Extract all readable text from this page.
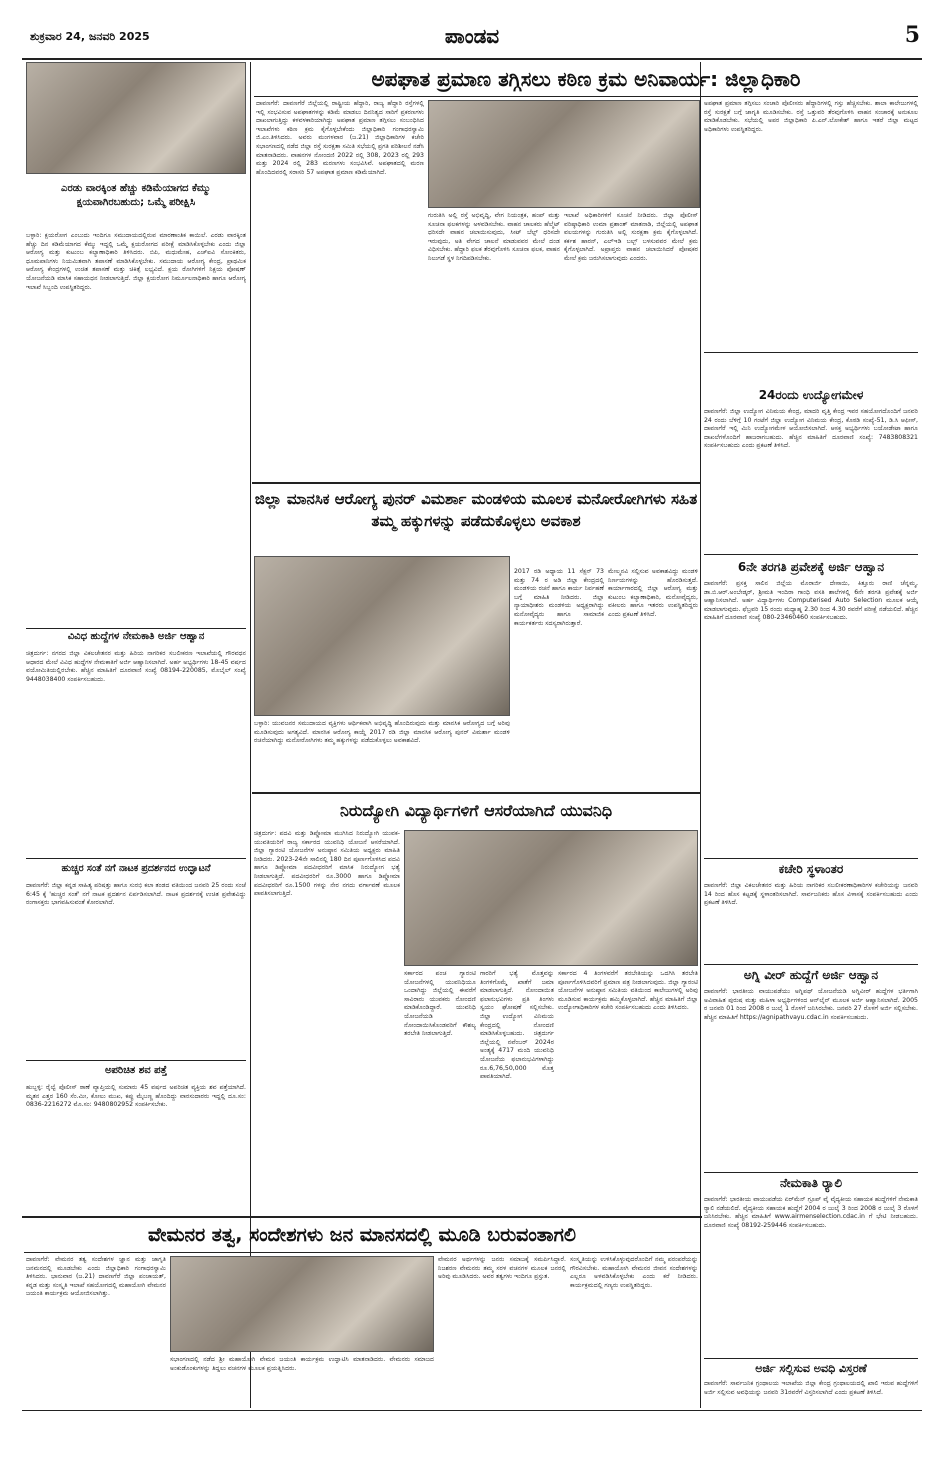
ಶುಕ್ರವಾರ 24, ಜನವರಿ 2025	ಪಾಂಡವ	5
ಎರಡು ವಾರಕ್ಕಿಂತ ಹೆಚ್ಚು ಕಡಿಮೆಯಾಗದ ಕೆಮ್ಮು ಕ್ಷಯವಾಗಿರಬಹುದು; ಒಮ್ಮೆ ಪರೀಕ್ಷಿಸಿ
ಬಳ್ಳಾರಿ: ಕ್ಷಯರೋಗ ಎಂಬುದು ಇಂದಿಗೂ ಸಮುದಾಯದಲ್ಲಿರುವ ಮಾರಣಾಂತಿಕ ಕಾಯಿಲೆ. ಎರಡು ವಾರಕ್ಕಿಂತ ಹೆಚ್ಚು ದಿನ ಕಡಿಮೆಯಾಗದ ಕೆಮ್ಮು ಇದ್ದಲ್ಲಿ ಒಮ್ಮೆ ಕ್ಷಯರೋಗದ ಪರೀಕ್ಷೆ ಮಾಡಿಸಿಕೊಳ್ಳಬೇಕು ಎಂದು ಜಿಲ್ಲಾ ಆರೋಗ್ಯ ಮತ್ತು ಕುಟುಂಬ ಕಲ್ಯಾಣಾಧಿಕಾರಿ ತಿಳಿಸಿದರು. ಬಿಪಿ, ಮಧುಮೇಹ, ಎಚ್‌ಐವಿ ಸೋಂಕಿತರು, ಧೂಮಪಾನಿಗಳು ನಿಯಮಿತವಾಗಿ ತಪಾಸಣೆ ಮಾಡಿಸಿಕೊಳ್ಳಬೇಕು. ಸಮುದಾಯ ಆರೋಗ್ಯ ಕೇಂದ್ರ, ಪ್ರಾಥಮಿಕ ಆರೋಗ್ಯ ಕೇಂದ್ರಗಳಲ್ಲಿ ಉಚಿತ ತಪಾಸಣೆ ಮತ್ತು ಚಿಕಿತ್ಸೆ ಲಭ್ಯವಿದೆ. ಕ್ಷಯ ರೋಗಿಗಳಿಗೆ ನಿಕ್ಷಯ ಪೋಷಣ್ ಯೋಜನೆಯಡಿ ಮಾಸಿಕ ಸಹಾಯಧನ ನೀಡಲಾಗುತ್ತಿದೆ. ಜಿಲ್ಲಾ ಕ್ಷಯರೋಗ ನಿರ್ಮೂಲನಾಧಿಕಾರಿ ಹಾಗೂ ಆರೋಗ್ಯ ಇಲಾಖೆ ಸಿಬ್ಬಂದಿ ಉಪಸ್ಥಿತರಿದ್ದರು.
ವಿವಿಧ ಹುದ್ದೆಗಳ ನೇಮಕಾತಿ ಅರ್ಜಿ ಆಹ್ವಾನ
ಚಿತ್ರದುರ್ಗ: ನಗರದ ಜಿಲ್ಲಾ ವಿಕಲಚೇತನರ ಮತ್ತು ಹಿರಿಯ ನಾಗರಿಕರ ಸಬಲೀಕರಣ ಇಲಾಖೆಯಲ್ಲಿ ಗೌರವಧನ ಆಧಾರದ ಮೇಲೆ ವಿವಿಧ ಹುದ್ದೆಗಳ ನೇಮಕಾತಿಗೆ ಅರ್ಜಿ ಆಹ್ವಾನಿಸಲಾಗಿದೆ. ಅರ್ಹ ಅಭ್ಯರ್ಥಿಗಳು 18-45 ವರ್ಷದ ವಯೋಮಿತಿಯಲ್ಲಿರಬೇಕು. ಹೆಚ್ಚಿನ ಮಾಹಿತಿಗೆ ದೂರವಾಣಿ ಸಂಖ್ಯೆ 08194-220085, ಮೊಬೈಲ್ ಸಂಖ್ಯೆ 9448038400 ಸಂಪರ್ಕಿಸಬಹುದು.
ಹುಚ್ಚರ ಸಂತೆ ನಗೆ ನಾಟಕ ಪ್ರದರ್ಶನದ ಉದ್ಘಾಟನೆ
ದಾವಣಗೆರೆ: ಜಿಲ್ಲಾ ಕನ್ನಡ ಸಾಹಿತ್ಯ ಪರಿಷತ್ತು ಹಾಗೂ ಸುರಭಿ ಕಲಾ ತಂಡದ ವತಿಯಿಂದ ಜನವರಿ 25 ರಂದು ಸಂಜೆ 6:45 ಕ್ಕೆ 'ಹುಚ್ಚರ ಸಂತೆ' ನಗೆ ನಾಟಕ ಪ್ರದರ್ಶನ ಏರ್ಪಡಿಸಲಾಗಿದೆ. ನಾಟಕ ಪ್ರದರ್ಶನಕ್ಕೆ ಉಚಿತ ಪ್ರವೇಶವಿದ್ದು ರಂಗಾಸಕ್ತರು ಭಾಗವಹಿಸುವಂತೆ ಕೋರಲಾಗಿದೆ.
ಅಪರಿಚಿತ ಶವ ಪತ್ತೆ
ಹುಬ್ಬಳ್ಳಿ: ರೈಲ್ವೆ ಪೊಲೀಸ್ ಠಾಣೆ ವ್ಯಾಪ್ತಿಯಲ್ಲಿ ಸುಮಾರು 45 ವರ್ಷದ ಅಪರಿಚಿತ ವ್ಯಕ್ತಿಯ ಶವ ಪತ್ತೆಯಾಗಿದೆ. ಮೃತನ ಎತ್ತರ 160 ಸೆಂ.ಮೀ, ಕೋಲು ಮುಖ, ಕಪ್ಪು ಮೈಬಣ್ಣ ಹೊಂದಿದ್ದು ವಾರಸುದಾರರು ಇದ್ದಲ್ಲಿ ದೂ.ಸಂ: 0836-2216272 ಮೊ.ಸಂ: 9480802952 ಸಂಪರ್ಕಿಸಬೇಕು.
ಅಪಘಾತ ಪ್ರಮಾಣ ತಗ್ಗಿಸಲು ಕಠಿಣ ಕ್ರಮ ಅನಿವಾರ್ಯ: ಜಿಲ್ಲಾಧಿಕಾರಿ
ದಾವಣಗೆರೆ: ದಾವಣಗೆರೆ ಜಿಲ್ಲೆಯಲ್ಲಿ ರಾಷ್ಟ್ರೀಯ ಹೆದ್ದಾರಿ, ರಾಜ್ಯ ಹೆದ್ದಾರಿ ರಸ್ತೆಗಳಲ್ಲಿ ಇಲ್ಲಿ ಸಂಭವಿಸುವ ಅಪಘಾತಗಳನ್ನು ಕಡಿಮೆ ಮಾಡಲು ದಿನನಿತ್ಯದ ಸಾರಿಗೆ ಪ್ರಕರಣಗಳು ದಾಖಲಾಗುತ್ತಿದ್ದು ಕಳವಳಕಾರಿಯಾಗಿದ್ದು ಅಪಘಾತ ಪ್ರಮಾಣ ತಗ್ಗಿಸಲು ಸಂಬಂಧಿಸಿದ ಇಲಾಖೆಗಳು ಕಠಿಣ ಕ್ರಮ ಕೈಗೊಳ್ಳಬೇಕೆಂದು ಜಿಲ್ಲಾಧಿಕಾರಿ ಗಂಗಾಧರಸ್ವಾಮಿ ಜಿ.ಎಂ.ತಿಳಿಸಿದರು. ಅವರು ಮಂಗಳವಾರ (ಜ.21) ಜಿಲ್ಲಾಧಿಕಾರಿಗಳ ಕಚೇರಿ ಸಭಾಂಗಣದಲ್ಲಿ ನಡೆದ ಜಿಲ್ಲಾ ರಸ್ತೆ ಸುರಕ್ಷತಾ ಸಮಿತಿ ಸಭೆಯಲ್ಲಿ ಪ್ರಗತಿ ಪರಿಶೀಲನೆ ನಡೆಸಿ ಮಾತನಾಡಿದರು. ವಾಹನಗಳ ನೋಂದಣಿ 2022 ರಲ್ಲಿ 308, 2023 ರಲ್ಲಿ 293 ಮತ್ತು 2024 ರಲ್ಲಿ 283 ಮರಣಗಳು ಸಂಭವಿಸಿವೆ. ಅಪಘಾತದಲ್ಲಿ ಮರಣ ಹೊಂದಿದವರಲ್ಲಿ ಸರಾಸರಿ 57 ಅಪಘಾತ ಪ್ರಮಾಣ ಕಡಿಮೆಯಾಗಿದೆ.
ಗುರುತಿಸಿ ಅಲ್ಲಿ ರಸ್ತೆ ಅಭಿವೃದ್ಧಿ, ವೇಗ ನಿಯಂತ್ರಕ, ಹಂಪ್ ಮತ್ತು ಸೂಚನಾ ಫಲಕಗಳನ್ನು ಅಳವಡಿಸಬೇಕು. ವಾಹನ ಚಾಲಕರು ಹೆಲ್ಮೆಟ್ ಧರಿಸದೇ ವಾಹನ ಚಲಾಯಿಸುವುದು, ಸೀಟ್ ಬೆಲ್ಟ್ ಧರಿಸದೇ ಇರುವುದು, ಅತಿ ವೇಗದ ಚಾಲನೆ ಮಾಡುವವರ ಮೇಲೆ ದಂಡ ವಿಧಿಸಬೇಕು. ಹೆದ್ದಾರಿ ಫಲಕ ತೆರವುಗೊಳಿಸಿ ಸೂಚನಾ ಫಲಕ, ವಾಹನ ನಿಲುಗಡೆ ಸ್ಥಳ ನಿಗದಿಪಡಿಸಬೇಕು.
ಇಲಾಖೆ ಅಧಿಕಾರಿಗಳಿಗೆ ಸೂಚನೆ ನೀಡಿದರು. ಜಿಲ್ಲಾ ಪೊಲೀಸ್ ವರಿಷ್ಠಾಧಿಕಾರಿ ಉಮಾ ಪ್ರಶಾಂತ್ ಮಾತನಾಡಿ, ಜಿಲ್ಲೆಯಲ್ಲಿ ಅಪಘಾತ ವಲಯಗಳನ್ನು ಗುರುತಿಸಿ ಅಲ್ಲಿ ಸುರಕ್ಷತಾ ಕ್ರಮ ಕೈಗೊಳ್ಳಲಾಗಿದೆ. ಕರ್ಕಶ ಹಾರನ್, ಎಲ್‌ಇಡಿ ಬಲ್ಬ್ ಬಳಸುವವರ ಮೇಲೆ ಕ್ರಮ ಕೈಗೊಳ್ಳಲಾಗಿದೆ. ಅಪ್ರಾಪ್ತರು ವಾಹನ ಚಲಾಯಿಸಿದರೆ ಪೋಷಕರ ಮೇಲೆ ಕ್ರಮ ಜರುಗಿಸಲಾಗುವುದು ಎಂದರು.
ಅಪಘಾತ ಪ್ರಮಾಣ ತಗ್ಗಿಸಲು ಸಂಚಾರಿ ಪೊಲೀಸರು ಹೆದ್ದಾರಿಗಳಲ್ಲಿ ಗಸ್ತು ಹೆಚ್ಚಿಸಬೇಕು. ಶಾಲಾ ಕಾಲೇಜುಗಳಲ್ಲಿ ರಸ್ತೆ ಸುರಕ್ಷತೆ ಬಗ್ಗೆ ಜಾಗೃತಿ ಮೂಡಿಸಬೇಕು. ರಸ್ತೆ ಒತ್ತುವರಿ ತೆರವುಗೊಳಿಸಿ ವಾಹನ ಸಂಚಾರಕ್ಕೆ ಅನುಕೂಲ ಮಾಡಿಕೊಡಬೇಕು. ಸಭೆಯಲ್ಲಿ ಅಪರ ಜಿಲ್ಲಾಧಿಕಾರಿ ಪಿ.ಎನ್.ಲೋಕೇಶ್ ಹಾಗೂ ಇತರೆ ಜಿಲ್ಲಾ ಮಟ್ಟದ ಅಧಿಕಾರಿಗಳು ಉಪಸ್ಥಿತರಿದ್ದರು.
ಜಿಲ್ಲಾ ಮಾನಸಿಕ ಆರೋಗ್ಯ ಪುನರ್ ವಿಮರ್ಶಾ ಮಂಡಳಿಯ ಮೂಲಕ ಮನೋರೋಗಿಗಳು ಸಹಿತ ತಮ್ಮ ಹಕ್ಕುಗಳನ್ನು ಪಡೆದುಕೊಳ್ಳಲು ಅವಕಾಶ
ಬಳ್ಳಾರಿ: ಯುವಜನರ ಸಮುದಾಯದ ವ್ಯಕ್ತಿಗಳು ಆರ್ಥಿಕವಾಗಿ ಅಭಿವೃದ್ಧಿ ಹೊಂದಿರುವುದು ಮತ್ತು ಮಾನಸಿಕ ಆರೋಗ್ಯದ ಬಗ್ಗೆ ಅರಿವು ಮೂಡಿಸುವುದು ಅಗತ್ಯವಿದೆ. ಮಾನಸಿಕ ಆರೋಗ್ಯ ಕಾಯ್ದೆ 2017 ರಡಿ ಜಿಲ್ಲಾ ಮಾನಸಿಕ ಆರೋಗ್ಯ ಪುನರ್ ವಿಮರ್ಶಾ ಮಂಡಳಿ ರಚನೆಯಾಗಿದ್ದು ಮನೋರೋಗಿಗಳು ತಮ್ಮ ಹಕ್ಕುಗಳನ್ನು ಪಡೆದುಕೊಳ್ಳಲು ಅವಕಾಶವಿದೆ.
2017 ರಡಿ ಅಧ್ಯಾಯ 11 ಸೆಕ್ಷನ್ 73 ಮತ್ತು 74 ರ ಅಡಿ ಜಿಲ್ಲಾ ಕೇಂದ್ರದಲ್ಲಿ ಮಂಡಳಿಯ ರಚನೆ ಹಾಗೂ ಕಾರ್ಯ ನಿರ್ವಹಣೆ ಬಗ್ಗೆ ಮಾಹಿತಿ ನೀಡಿದರು. ಜಿಲ್ಲಾ ನ್ಯಾಯಾಧೀಶರು ಮಂಡಳಿಯ ಅಧ್ಯಕ್ಷರಾಗಿದ್ದು ಮನೋವೈದ್ಯರು ಹಾಗೂ ಸಾಮಾಜಿಕ ಕಾರ್ಯಕರ್ತರು ಸದಸ್ಯರಾಗಿರುತ್ತಾರೆ.
ಮೇಲ್ಮನವಿ ಸಲ್ಲಿಸುವ ಅವಕಾಶವಿದ್ದು ಮಂಡಳಿ ನಿರ್ಣಯಗಳನ್ನು ಹೊರಡಿಸುತ್ತದೆ. ಕಾರ್ಯಾಗಾರದಲ್ಲಿ ಜಿಲ್ಲಾ ಆರೋಗ್ಯ ಮತ್ತು ಕುಟುಂಬ ಕಲ್ಯಾಣಾಧಿಕಾರಿ, ಮನೋವೈದ್ಯರು, ವಕೀಲರು ಹಾಗೂ ಇತರರು ಉಪಸ್ಥಿತರಿದ್ದರು ಎಂದು ಪ್ರಕಟಣೆ ತಿಳಿಸಿದೆ.
ನಿರುದ್ಯೋಗಿ ವಿದ್ಯಾರ್ಥಿಗಳಿಗೆ ಆಸರೆಯಾಗಿದೆ ಯುವನಿಧಿ
ಚಿತ್ರದುರ್ಗ: ಪದವಿ ಮತ್ತು ಡಿಪ್ಲೋಮಾ ಮುಗಿಸಿದ ನಿರುದ್ಯೋಗಿ ಯುವಕ-ಯುವತಿಯರಿಗೆ ರಾಜ್ಯ ಸರ್ಕಾರದ ಯುವನಿಧಿ ಯೋಜನೆ ಆಸರೆಯಾಗಿದೆ. ಜಿಲ್ಲಾ ಗ್ಯಾರಂಟಿ ಯೋಜನೆಗಳ ಅನುಷ್ಠಾನ ಸಮಿತಿಯ ಅಧ್ಯಕ್ಷರು ಮಾಹಿತಿ ನೀಡಿದರು. 2023-24ನೇ ಸಾಲಿನಲ್ಲಿ 180 ದಿನ ಪೂರ್ಣಗೊಳಿಸಿದ ಪದವಿ ಹಾಗೂ ಡಿಪ್ಲೋಮಾ ಪದವೀಧರರಿಗೆ ಮಾಸಿಕ ನಿರುದ್ಯೋಗ ಭತ್ಯೆ ನೀಡಲಾಗುತ್ತಿದೆ. ಪದವೀಧರರಿಗೆ ರೂ.3000 ಹಾಗೂ ಡಿಪ್ಲೋಮಾ ಪದವೀಧರರಿಗೆ ರೂ.1500 ಗಳನ್ನು ನೇರ ನಗದು ವರ್ಗಾವಣೆ ಮೂಲಕ ಪಾವತಿಸಲಾಗುತ್ತಿದೆ.
ಸರ್ಕಾರದ ಪಂಚ ಗ್ಯಾರಂಟಿ ಯೋಜನೆಗಳಲ್ಲಿ ಯುವನಿಧಿಯೂ ಒಂದಾಗಿದ್ದು ಜಿಲ್ಲೆಯಲ್ಲಿ ಈವರೆಗೆ ಸಾವಿರಾರು ಯುವಕರು ನೋಂದಣಿ ಮಾಡಿಕೊಂಡಿದ್ದಾರೆ. ಯುವನಿಧಿ ಯೋಜನೆಯಡಿ ನೋಂದಾಯಿಸಿಕೊಂಡವರಿಗೆ ಕೌಶಲ್ಯ ತರಬೇತಿ ನೀಡಲಾಗುತ್ತಿದೆ.
ಗಾರರಿಗೆ ಭತ್ಯೆ ಮೊತ್ತವನ್ನು ತಿಂಗಳಿಗೊಮ್ಮೆ ಖಾತೆಗೆ ಜಮಾ ಮಾಡಲಾಗುತ್ತಿದೆ. ನೋಂದಾಯಿತ ಫಲಾನುಭವಿಗಳು ಪ್ರತಿ ತಿಂಗಳು ಸ್ವಯಂ ಘೋಷಣೆ ಸಲ್ಲಿಸಬೇಕು. ಜಿಲ್ಲಾ ಉದ್ಯೋಗ ವಿನಿಮಯ ಕೇಂದ್ರದಲ್ಲಿ ನೋಂದಣಿ ಮಾಡಿಸಿಕೊಳ್ಳಬಹುದು. ಚಿತ್ರದುರ್ಗ ಜಿಲ್ಲೆಯಲ್ಲಿ ನವೆಂಬರ್ 2024ರ ಅಂತ್ಯಕ್ಕೆ 4717 ಮಂದಿ ಯುವನಿಧಿ ಯೋಜನೆಯ ಫಲಾನುಭವಿಗಳಾಗಿದ್ದು ರೂ.6,76,50,000 ಮೊತ್ತ ಪಾವತಿಯಾಗಿದೆ.
ಸರ್ಕಾರದ 4 ತಿಂಗಳವರೆಗೆ ತರಬೇತಿಯನ್ನು ಒದಗಿಸಿ ತರಬೇತಿ ಪೂರ್ಣಗೊಳಿಸಿದವರಿಗೆ ಪ್ರಮಾಣ ಪತ್ರ ನೀಡಲಾಗುವುದು. ಜಿಲ್ಲಾ ಗ್ಯಾರಂಟಿ ಯೋಜನೆಗಳ ಅನುಷ್ಠಾನ ಸಮಿತಿಯ ವತಿಯಿಂದ ಕಾಲೇಜುಗಳಲ್ಲಿ ಅರಿವು ಮೂಡಿಸುವ ಕಾರ್ಯಕ್ರಮ ಹಮ್ಮಿಕೊಳ್ಳಲಾಗಿದೆ. ಹೆಚ್ಚಿನ ಮಾಹಿತಿಗೆ ಜಿಲ್ಲಾ ಉದ್ಯೋಗಾಧಿಕಾರಿಗಳ ಕಚೇರಿ ಸಂಪರ್ಕಿಸಬಹುದು ಎಂದು ತಿಳಿಸಿದರು.
24ರಂದು ಉದ್ಯೋಗಮೇಳ
ದಾವಣಗೆರೆ: ಜಿಲ್ಲಾ ಉದ್ಯೋಗ ವಿನಿಮಯ ಕೇಂದ್ರ, ಮಾದರಿ ವೃತ್ತಿ ಕೇಂದ್ರ ಇವರ ಸಹಯೋಗದೊಂದಿಗೆ ಜನವರಿ 24 ರಂದು ಬೆಳಿಗ್ಗೆ 10 ಗಂಟೆಗೆ ಜಿಲ್ಲಾ ಉದ್ಯೋಗ ವಿನಿಮಯ ಕೇಂದ್ರ, ಕೊಠಡಿ ಸಂಖ್ಯೆ-51, ಡಿ.ಸಿ ಆಫೀಸ್, ದಾವಣಗೆರೆ ಇಲ್ಲಿ ಮಿನಿ ಉದ್ಯೋಗಮೇಳ ಆಯೋಜಿಸಲಾಗಿದೆ. ಆಸಕ್ತ ಅಭ್ಯರ್ಥಿಗಳು ಬಯೋಡೇಟಾ ಹಾಗೂ ದಾಖಲೆಗಳೊಂದಿಗೆ ಹಾಜರಾಗಬಹುದು. ಹೆಚ್ಚಿನ ಮಾಹಿತಿಗೆ ದೂರವಾಣಿ ಸಂಖ್ಯೆ: 7483808321 ಸಂಪರ್ಕಿಸಬಹುದು ಎಂದು ಪ್ರಕಟಣೆ ತಿಳಿಸಿದೆ.
6ನೇ ತರಗತಿ ಪ್ರವೇಶಕ್ಕೆ ಅರ್ಜಿ ಆಹ್ವಾನ
ದಾವಣಗೆರೆ: ಪ್ರಸಕ್ತ ಸಾಲಿನ ಜಿಲ್ಲೆಯ ಮೊರಾರ್ಜಿ ದೇಸಾಯಿ, ಕಿತ್ತೂರು ರಾಣಿ ಚೆನ್ನಮ್ಮ, ಡಾ.ಬಿ.ಆರ್.ಅಂಬೇಡ್ಕರ್, ಶ್ರೀಮತಿ ಇಂದಿರಾ ಗಾಂಧಿ ವಸತಿ ಶಾಲೆಗಳಲ್ಲಿ 6ನೇ ತರಗತಿ ಪ್ರವೇಶಕ್ಕೆ ಅರ್ಜಿ ಆಹ್ವಾನಿಸಲಾಗಿದೆ. ಅರ್ಹ ವಿದ್ಯಾರ್ಥಿಗಳು Computerised Auto Selection ಮೂಲಕ ಆಯ್ಕೆ ಮಾಡಲಾಗುವುದು. ಫೆಬ್ರವರಿ 15 ರಂದು ಮಧ್ಯಾಹ್ನ 2.30 ರಿಂದ 4.30 ರವರೆಗೆ ಪರೀಕ್ಷೆ ನಡೆಯಲಿದೆ. ಹೆಚ್ಚಿನ ಮಾಹಿತಿಗೆ ದೂರವಾಣಿ ಸಂಖ್ಯೆ 080-23460460 ಸಂಪರ್ಕಿಸಬಹುದು.
ಕಚೇರಿ ಸ್ಥಳಾಂತರ
ದಾವಣಗೆರೆ: ಜಿಲ್ಲಾ ವಿಕಲಚೇತನರ ಮತ್ತು ಹಿರಿಯ ನಾಗರಿಕರ ಸಬಲೀಕರಣಾಧಿಕಾರಿಗಳ ಕಚೇರಿಯನ್ನು ಜನವರಿ 14 ರಿಂದ ಹೊಸ ಕಟ್ಟಡಕ್ಕೆ ಸ್ಥಳಾಂತರಿಸಲಾಗಿದೆ. ಸಾರ್ವಜನಿಕರು ಹೊಸ ವಿಳಾಸಕ್ಕೆ ಸಂಪರ್ಕಿಸಬಹುದು ಎಂದು ಪ್ರಕಟಣೆ ತಿಳಿಸಿದೆ.
ಅಗ್ನಿ ವೀರ್ ಹುದ್ದೆಗೆ ಅರ್ಜಿ ಆಹ್ವಾನ
ದಾವಣಗೆರೆ: ಭಾರತೀಯ ವಾಯುಪಡೆಯು ಅಗ್ನಿಪಥ್ ಯೋಜನೆಯಡಿ ಅಗ್ನಿವೀರ್ ಹುದ್ದೆಗಳ ಭರ್ತಿಗಾಗಿ ಅವಿವಾಹಿತ ಪುರುಷ ಮತ್ತು ಮಹಿಳಾ ಅಭ್ಯರ್ಥಿಗಳಿಂದ ಆನ್‌ಲೈನ್ ಮೂಲಕ ಅರ್ಜಿ ಆಹ್ವಾನಿಸಲಾಗಿದೆ. 2005 ರ ಜನವರಿ 01 ರಿಂದ 2008 ರ ಜುಲೈ 1 ರೊಳಗೆ ಜನಿಸಿರಬೇಕು. ಜನವರಿ 27 ರೊಳಗೆ ಅರ್ಜಿ ಸಲ್ಲಿಸಬೇಕು. ಹೆಚ್ಚಿನ ಮಾಹಿತಿಗೆ https://agnipathvayu.cdac.in ಸಂಪರ್ಕಿಸಬಹುದು.
ನೇಮಕಾತಿ ರ್‍ಯಾಲಿ
ದಾವಣಗೆರೆ: ಭಾರತೀಯ ವಾಯುಪಡೆಯ ಏರ್‌ಮೆನ್ ಗ್ರೂಪ್ ವೈ ವೈದ್ಯಕೀಯ ಸಹಾಯಕ ಹುದ್ದೆಗಳಿಗೆ ನೇಮಕಾತಿ ರ್‍ಯಾಲಿ ನಡೆಯಲಿದೆ. ವೈದ್ಯಕೀಯ ಸಹಾಯಕ ಹುದ್ದೆಗೆ 2004 ರ ಜುಲೈ 3 ರಿಂದ 2008 ರ ಜುಲೈ 3 ರೊಳಗೆ ಜನಿಸಿರಬೇಕು. ಹೆಚ್ಚಿನ ಮಾಹಿತಿಗೆ www.airmenselection.cdac.in ಗೆ ಭೇಟಿ ನೀಡಬಹುದು. ದೂರವಾಣಿ ಸಂಖ್ಯೆ 08192-259446 ಸಂಪರ್ಕಿಸಬಹುದು.
ಅರ್ಜಿ ಸಲ್ಲಿಸುವ ಅವಧಿ ವಿಸ್ತರಣೆ
ದಾವಣಗೆರೆ: ಸಾರ್ವಜನಿಕ ಗ್ರಂಥಾಲಯ ಇಲಾಖೆಯ ಜಿಲ್ಲಾ ಕೇಂದ್ರ ಗ್ರಂಥಾಲಯದಲ್ಲಿ ಖಾಲಿ ಇರುವ ಹುದ್ದೆಗಳಿಗೆ ಅರ್ಜಿ ಸಲ್ಲಿಸುವ ಅವಧಿಯನ್ನು ಜನವರಿ 31ರವರೆಗೆ ವಿಸ್ತರಿಸಲಾಗಿದೆ ಎಂದು ಪ್ರಕಟಣೆ ತಿಳಿಸಿದೆ.
ವೇಮನರ ತತ್ವ, ಸಂದೇಶಗಳು ಜನ ಮಾನಸದಲ್ಲಿ ಮೂಡಿ ಬರುವಂತಾಗಲಿ
ದಾವಣಗೆರೆ: ವೇಮನರ ತತ್ವ ಸಂದೇಶಗಳ ಜ್ಞಾನ ಮತ್ತು ಜಾಗೃತಿ ಜನಮನದಲ್ಲಿ ಮೂಡಬೇಕು ಎಂದು ಜಿಲ್ಲಾಧಿಕಾರಿ ಗಂಗಾಧರಸ್ವಾಮಿ ತಿಳಿಸಿದರು. ಭಾನುವಾರ (ಜ.21) ದಾವಣಗೆರೆ ಜಿಲ್ಲಾ ಪಂಚಾಯತ್, ಕನ್ನಡ ಮತ್ತು ಸಂಸ್ಕೃತಿ ಇಲಾಖೆ ಸಹಯೋಗದಲ್ಲಿ ಮಹಾಯೋಗಿ ವೇಮನರ ಜಯಂತಿ ಕಾರ್ಯಕ್ರಮ ಆಯೋಜಿಸಲಾಗಿತ್ತು.
ಸಭಾಂಗಣದಲ್ಲಿ ನಡೆದ ಶ್ರೀ ಮಹಾಯೋಗಿ ವೇಮನ ಜಯಂತಿ ಕಾರ್ಯಕ್ರಮ ಉದ್ಘಾಟಿಸಿ ಮಾತನಾಡಿದರು. ವೇಮನರು ಸಮಾಜದ ಅಂಕುಡೊಂಕುಗಳನ್ನು ತಿದ್ದಲು ವಚನಗಳ ಮೂಲಕ ಪ್ರಯತ್ನಿಸಿದರು.
ವೇಮನರ ಅರ್ಥಗಳನ್ನು ಜನರು ಸಮಾಜಕ್ಕೆ ಸಮರ್ಪಿಸಿದ್ದಾರೆ. ನಿಜಶರಣ ವೇಮನರು ತಮ್ಮ ಸರಳ ವಚನಗಳ ಮೂಲಕ ಜನರಲ್ಲಿ ಅರಿವು ಮೂಡಿಸಿದರು. ಅವರ ತತ್ವಗಳು ಇಂದಿಗೂ ಪ್ರಸ್ತುತ.
ಸಂಸ್ಕೃತಿಯನ್ನು ಉಳಿಸಿಕೊಳ್ಳುವುದರೊಂದಿಗೆ ನಮ್ಮ ಪರಂಪರೆಯನ್ನು ಗೌರವಿಸಬೇಕು. ಮಹಾಯೋಗಿ ವೇಮನರ ಜೀವನ ಸಂದೇಶಗಳನ್ನು ಎಲ್ಲರೂ ಅಳವಡಿಸಿಕೊಳ್ಳಬೇಕು ಎಂದು ಕರೆ ನೀಡಿದರು. ಕಾರ್ಯಕ್ರಮದಲ್ಲಿ ಗಣ್ಯರು ಉಪಸ್ಥಿತರಿದ್ದರು.
